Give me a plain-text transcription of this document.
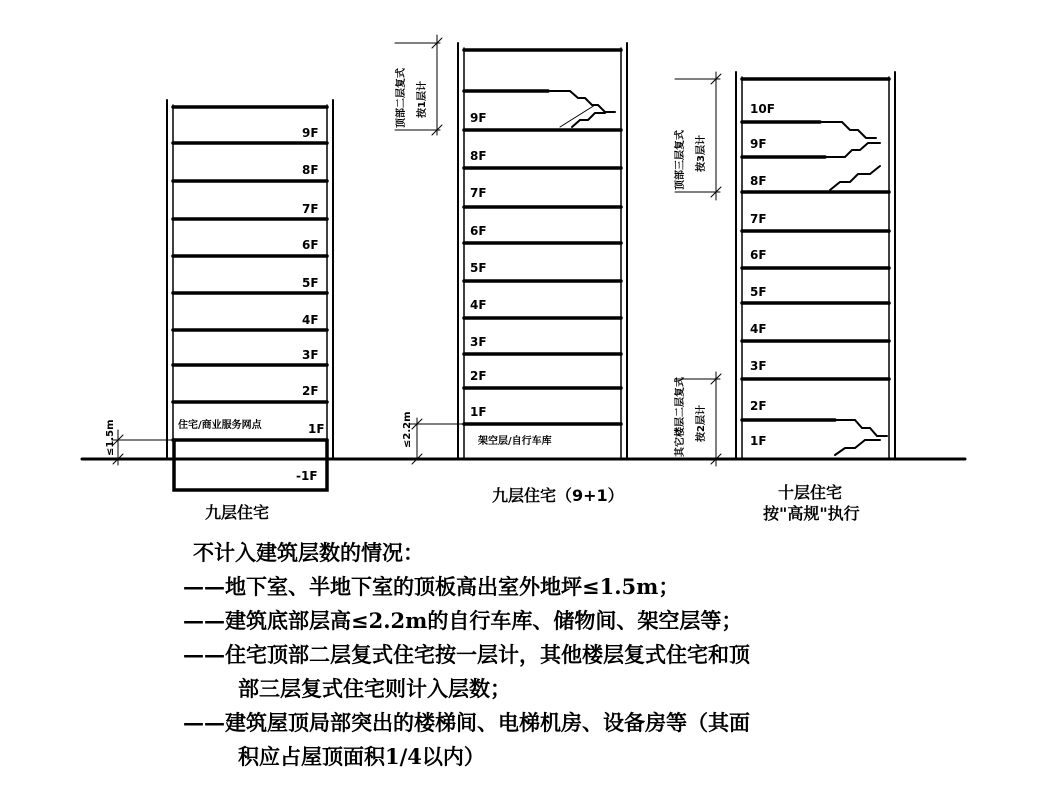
9F
8F
7F
6F
5F
4F
3F
2F
1F
-1F
住宅/商业服务网点
≤1.5m
九层住宅
9F
8F
7F
6F
5F
4F
3F
2F
1F
架空层/自行车库
≤2.2m
顶部二层复式 按1层计
九层住宅（9+1）
10F
9F
8F
7F
6F
5F
4F
3F
2F
1F
顶部三层复式 按3层计
其它楼层二层复式 按2层计
十层住宅
按"高规"执行
不计入建筑层数的情况：
——地下室、半地下室的顶板高出室外地坪≤1.5m；
——建筑底部层高≤2.2m的自行车库、储物间、架空层等；
——住宅顶部二层复式住宅按一层计，其他楼层复式住宅和顶
部三层复式住宅则计入层数；
——建筑屋顶局部突出的楼梯间、电梯机房、设备房等（其面
积应占屋顶面积1/4以内）
